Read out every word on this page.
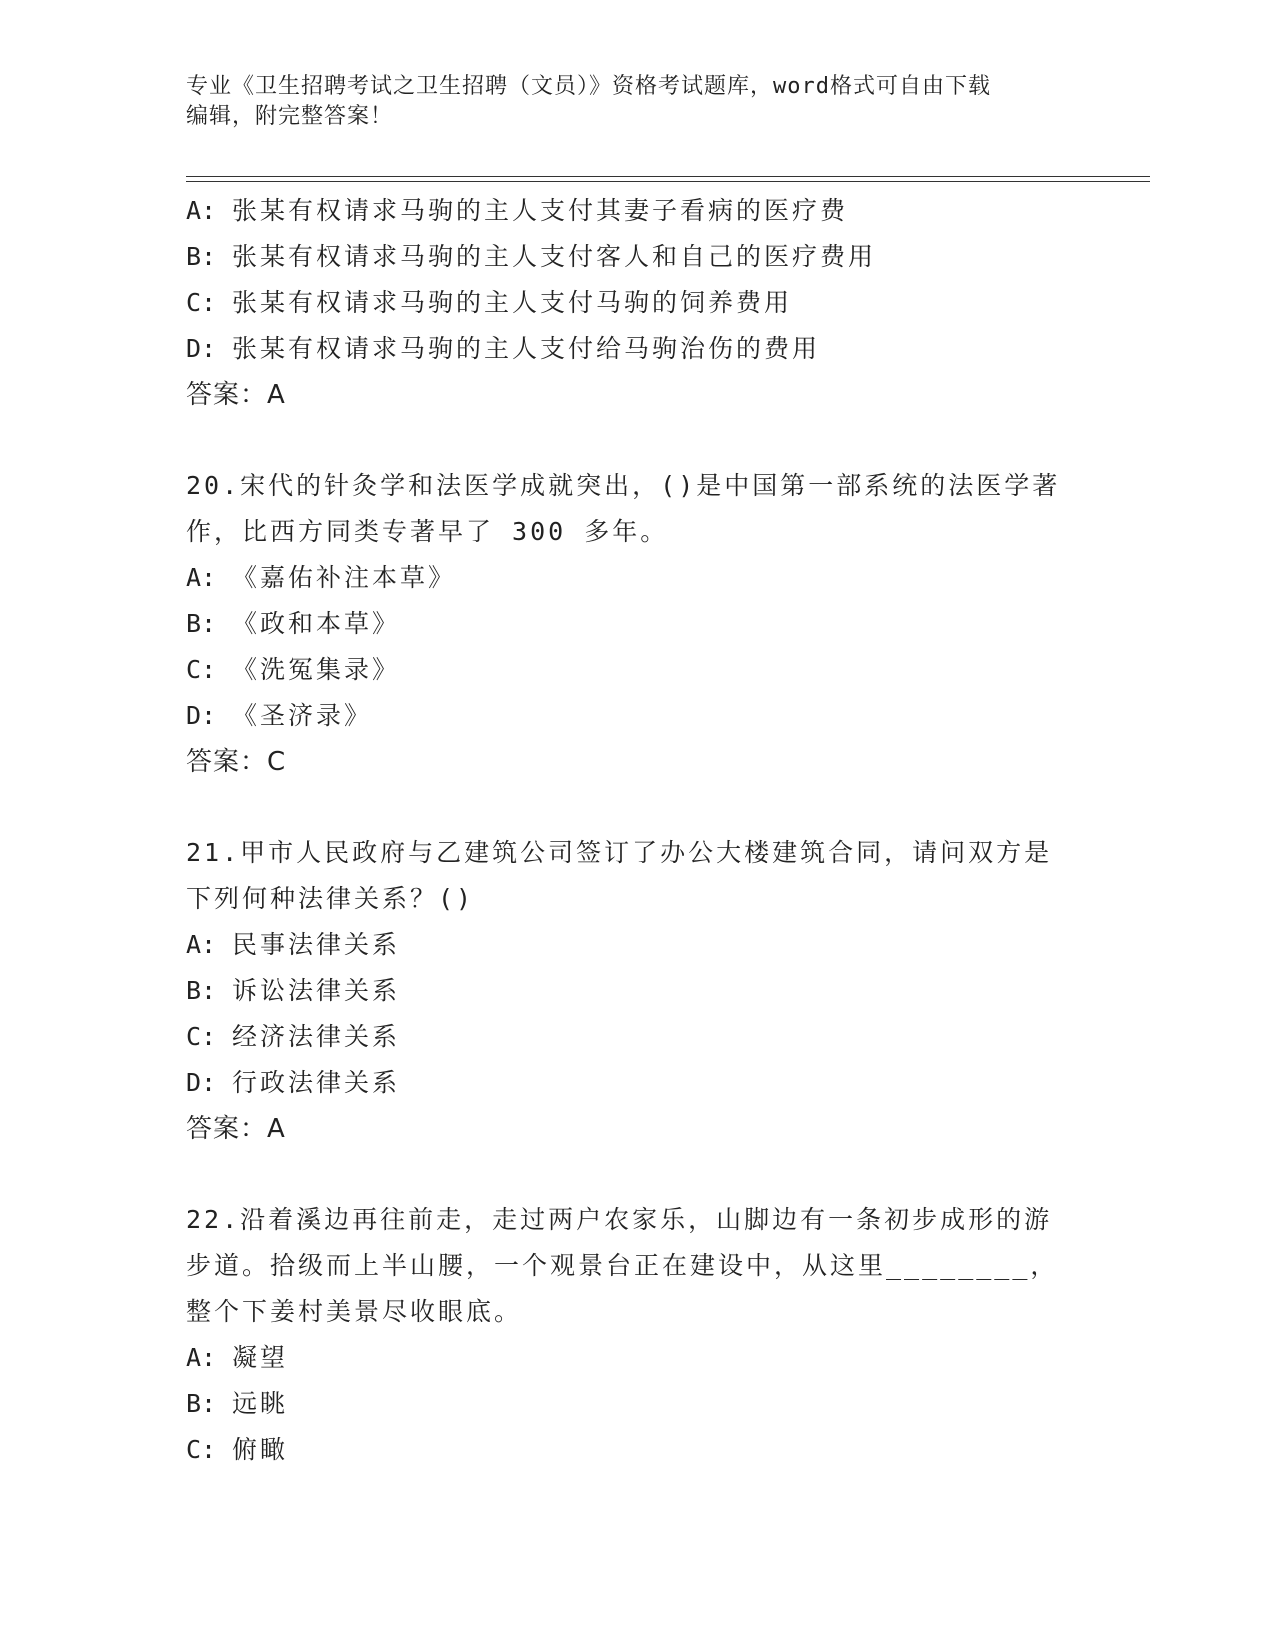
专业《卫生招聘考试之卫生招聘（文员）》资格考试题库，word格式可自由下载
编辑，附完整答案！
A: 张某有权请求马驹的主人支付其妻子看病的医疗费
B: 张某有权请求马驹的主人支付客人和自己的医疗费用
C: 张某有权请求马驹的主人支付马驹的饲养费用
D: 张某有权请求马驹的主人支付给马驹治伤的费用
答案：A
20.宋代的针灸学和法医学成就突出，()是中国第一部系统的法医学著
作，比西方同类专著早了 300 多年。
A: 《嘉佑补注本草》
B: 《政和本草》
C: 《洗冤集录》
D: 《圣济录》
答案：C
21.甲市人民政府与乙建筑公司签订了办公大楼建筑合同，请问双方是
下列何种法律关系？()
A: 民事法律关系
B: 诉讼法律关系
C: 经济法律关系
D: 行政法律关系
答案：A
22.沿着溪边再往前走，走过两户农家乐，山脚边有一条初步成形的游
步道。拾级而上半山腰，一个观景台正在建设中，从这里________，
整个下姜村美景尽收眼底。
A: 凝望
B: 远眺
C: 俯瞰
